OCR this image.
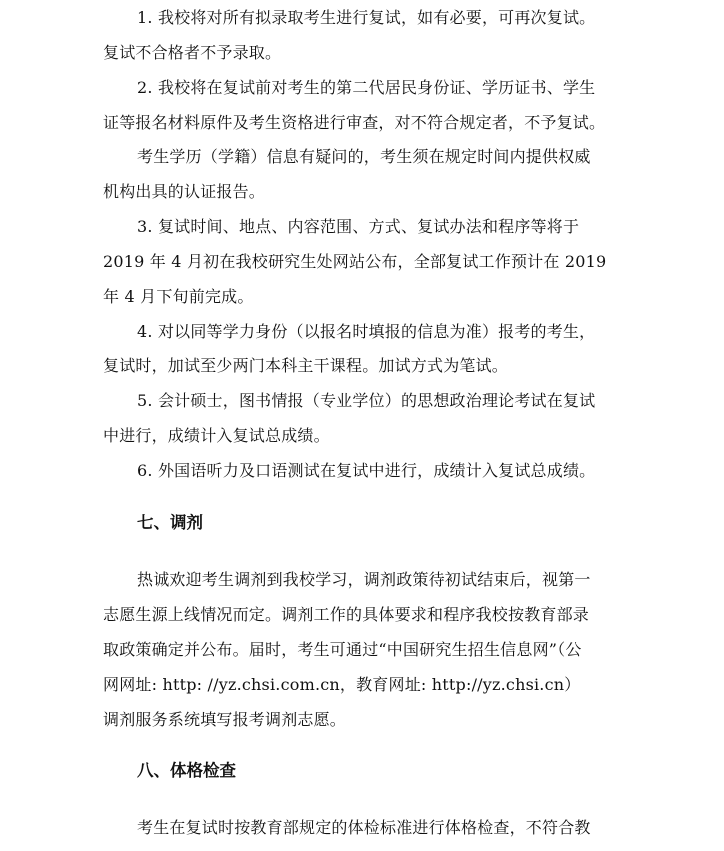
1. 我校将对所有拟录取考生进行复试，如有必要，可再次复试。
复试不合格者不予录取。
2. 我校将在复试前对考生的第二代居民身份证、学历证书、学生
证等报名材料原件及考生资格进行审查，对不符合规定者，不予复试。
考生学历（学籍）信息有疑问的，考生须在规定时间内提供权威
机构出具的认证报告。
3. 复试时间、地点、内容范围、方式、复试办法和程序等将于
2019 年 4 月初在我校研究生处网站公布，全部复试工作预计在 2019
年 4 月下旬前完成。
4. 对以同等学力身份（以报名时填报的信息为准）报考的考生，
复试时，加试至少两门本科主干课程。加试方式为笔试。
5. 会计硕士，图书情报（专业学位）的思想政治理论考试在复试
中进行，成绩计入复试总成绩。
6. 外国语听力及口语测试在复试中进行，成绩计入复试总成绩。
七、调剂
热诚欢迎考生调剂到我校学习，调剂政策待初试结束后，视第一
志愿生源上线情况而定。调剂工作的具体要求和程序我校按教育部录
取政策确定并公布。届时，考生可通过“中国研究生招生信息网”（公
网网址: http: //yz.chsi.com.cn，教育网址: http://yz.chsi.cn）
调剂服务系统填写报考调剂志愿。
八、体格检查
考生在复试时按教育部规定的体检标准进行体格检查，不符合教
